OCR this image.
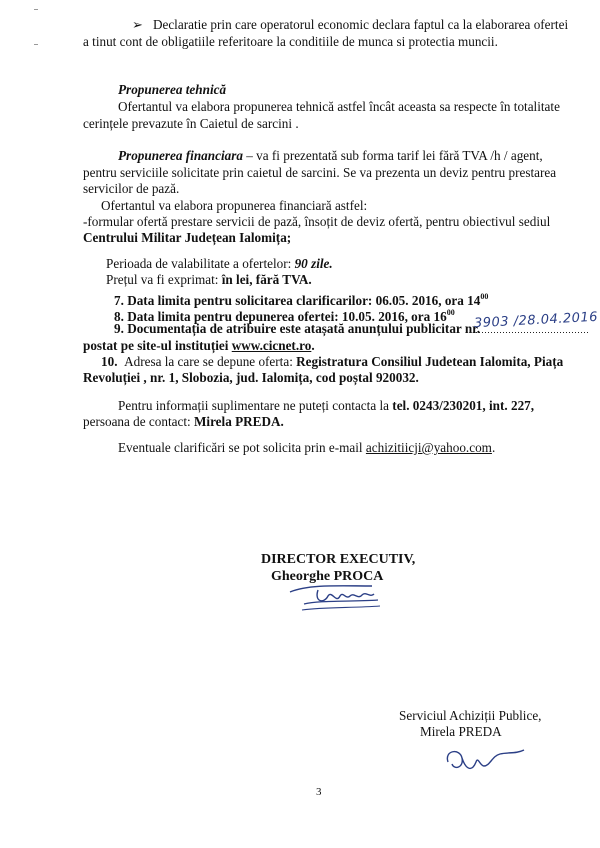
➢ Declaratie prin care operatorul economic declara faptul ca la elaborarea ofertei
a tinut cont de obligatiile referitoare la conditiile de munca si protectia muncii.
Propunerea tehnică
Ofertantul va elabora propunerea tehnică astfel încât aceasta sa respecte în totalitate
cerințele prevazute în Caietul de sarcini .
Propunerea financiara – va fi prezentată sub forma tarif lei fără TVA /h / agent,
pentru serviciile solicitate prin caietul de sarcini. Se va prezenta un deviz pentru prestarea
servicilor de pază.
Ofertantul va elabora propunerea financiară astfel:
-formular ofertă prestare servicii de pază, însoțit de deviz ofertă, pentru obiectivul sediul
Centrului Militar Județean Ialomița;
Perioada de valabilitate a ofertelor: 90 zile.
Prețul va fi exprimat: în lei, fără TVA.
7. Data limita pentru solicitarea clarificarilor: 06.05. 2016, ora $14^{00}$
8. Data limita pentru depunerea ofertei: 10.05. 2016, ora $16^{00}$
9. Documentația de atribuire este atașată anunțului publicitar nr.
3903 /28.04.2016
postat pe site-ul instituției www.cicnet.ro.
10. Adresa la care se depune oferta: Registratura Consiliul Judetean Ialomita, Piața
Revoluției , nr. 1, Slobozia, jud. Ialomița, cod poștal 920032.
Pentru informații suplimentare ne puteți contacta la tel. 0243/230201, int. 227,
persoana de contact: Mirela PREDA.
Eventuale clarificări se pot solicita prin e-mail achizitiicji@yahoo.com.
DIRECTOR EXECUTIV,
Gheorghe PROCA
Serviciul Achiziții Publice,
Mirela PREDA
3
